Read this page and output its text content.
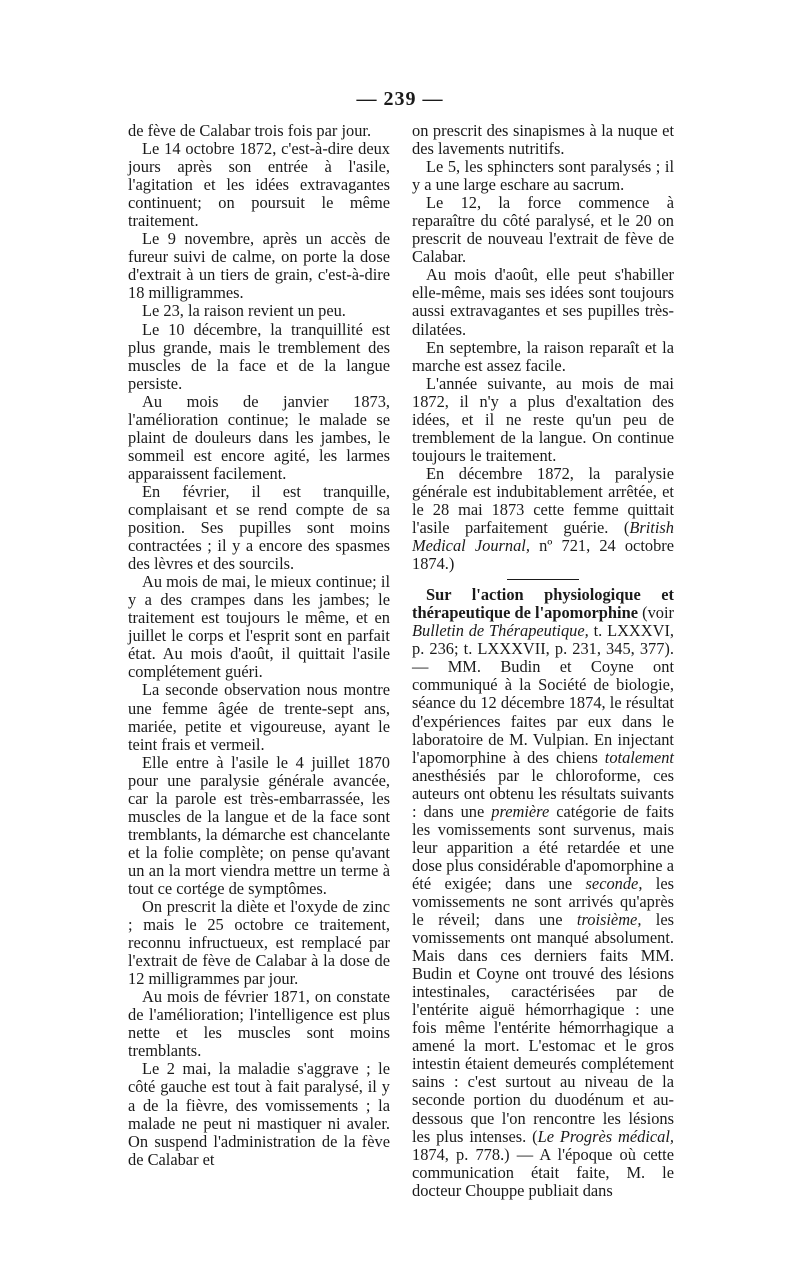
— 239 —

de fève de Calabar trois fois par jour.

Le 14 octobre 1872, c'est-à-dire deux jours après son entrée à l'asile, l'agitation et les idées extravagantes continuent; on poursuit le même traitement.

Le 9 novembre, après un accès de fureur suivi de calme, on porte la dose d'extrait à un tiers de grain, c'est-à-dire 18 milligrammes.

Le 23, la raison revient un peu.

Le 10 décembre, la tranquillité est plus grande, mais le tremblement des muscles de la face et de la langue persiste.

Au mois de janvier 1873, l'amélioration continue; le malade se plaint de douleurs dans les jambes, le sommeil est encore agité, les larmes apparaissent facilement.

En février, il est tranquille, complaisant et se rend compte de sa position. Ses pupilles sont moins contractées ; il y a encore des spasmes des lèvres et des sourcils.

Au mois de mai, le mieux continue; il y a des crampes dans les jambes; le traitement est toujours le même, et en juillet le corps et l'esprit sont en parfait état. Au mois d'août, il quittait l'asile complétement guéri.

La seconde observation nous montre une femme âgée de trente-sept ans, mariée, petite et vigoureuse, ayant le teint frais et vermeil.

Elle entre à l'asile le 4 juillet 1870 pour une paralysie générale avancée, car la parole est très-embarrassée, les muscles de la langue et de la face sont tremblants, la démarche est chancelante et la folie complète; on pense qu'avant un an la mort viendra mettre un terme à tout ce cortége de symptômes.

On prescrit la diète et l'oxyde de zinc ; mais le 25 octobre ce traitement, reconnu infructueux, est remplacé par l'extrait de fève de Calabar à la dose de 12 milligrammes par jour.

Au mois de février 1871, on constate de l'amélioration; l'intelligence est plus nette et les muscles sont moins tremblants.

Le 2 mai, la maladie s'aggrave ; le côté gauche est tout à fait paralysé, il y a de la fièvre, des vomissements ; la malade ne peut ni mastiquer ni avaler. On suspend l'administration de la fève de Calabar et

on prescrit des sinapismes à la nuque et des lavements nutritifs.

Le 5, les sphincters sont paralysés ; il y a une large eschare au sacrum.

Le 12, la force commence à reparaître du côté paralysé, et le 20 on prescrit de nouveau l'extrait de fève de Calabar.

Au mois d'août, elle peut s'habiller elle-même, mais ses idées sont toujours aussi extravagantes et ses pupilles très-dilatées.

En septembre, la raison reparaît et la marche est assez facile.

L'année suivante, au mois de mai 1872, il n'y a plus d'exaltation des idées, et il ne reste qu'un peu de tremblement de la langue. On continue toujours le traitement.

En décembre 1872, la paralysie générale est indubitablement arrêtée, et le 28 mai 1873 cette femme quittait l'asile parfaitement guérie. (British Medical Journal, nº 721, 24 octobre 1874.)

Sur l'action physiologique et thérapeutique de l'apomorphine (voir Bulletin de Thérapeutique, t. LXXXVI, p. 236; t. LXXXVII, p. 231, 345, 377). — MM. Budin et Coyne ont communiqué à la Société de biologie, séance du 12 décembre 1874, le résultat d'expériences faites par eux dans le laboratoire de M. Vulpian. En injectant l'apomorphine à des chiens totalement anesthésiés par le chloroforme, ces auteurs ont obtenu les résultats suivants : dans une première catégorie de faits les vomissements sont survenus, mais leur apparition a été retardée et une dose plus considérable d'apomorphine a été exigée; dans une seconde, les vomissements ne sont arrivés qu'après le réveil; dans une troisième, les vomissements ont manqué absolument. Mais dans ces derniers faits MM. Budin et Coyne ont trouvé des lésions intestinales, caractérisées par de l'entérite aiguë hémorrhagique : une fois même l'entérite hémorrhagique a amené la mort. L'estomac et le gros intestin étaient demeurés complétement sains : c'est surtout au niveau de la seconde portion du duodénum et au-dessous que l'on rencontre les lésions les plus intenses. (Le Progrès médical, 1874, p. 778.) — A l'époque où cette communication était faite, M. le docteur Chouppe publiait dans
